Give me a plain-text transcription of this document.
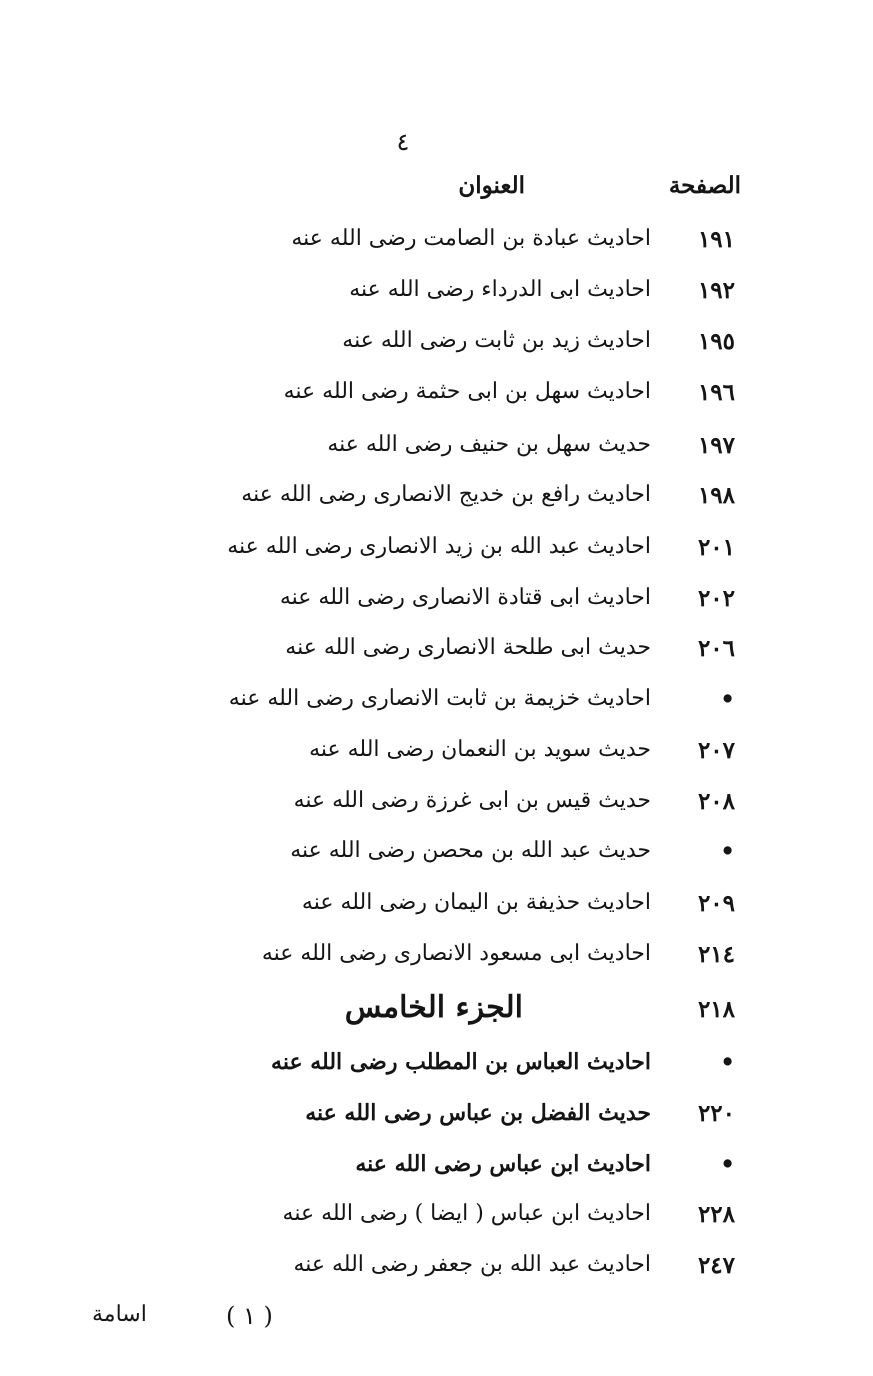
٤
الصفحة
العنوان
١٩١
احاديث عبادة بن الصامت رضى الله عنه
١٩٢
احاديث ابى الدرداء رضى الله عنه
١٩٥
احاديث زيد بن ثابت رضى الله عنه
١٩٦
احاديث سهل بن ابى حثمة رضى الله عنه
١٩٧
حديث سهل بن حنيف رضى الله عنه
١٩٨
احاديث رافع بن خديج الانصارى رضى الله عنه
٢٠١
احاديث عبد الله بن زيد الانصارى رضى الله عنه
٢٠٢
احاديث ابى قتادة الانصارى رضى الله عنه
٢٠٦
حديث ابى طلحة الانصارى رضى الله عنه
•
احاديث خزيمة بن ثابت الانصارى رضى الله عنه
٢٠٧
حديث سويد بن النعمان رضى الله عنه
٢٠٨
حديث قيس بن ابى غرزة رضى الله عنه
•
حديث عبد الله بن محصن رضى الله عنه
٢٠٩
احاديث حذيفة بن اليمان رضى الله عنه
٢١٤
احاديث ابى مسعود الانصارى رضى الله عنه
٢١٨
الجزء الخامس
•
احاديث العباس بن المطلب رضى الله عنه
٢٢٠
حديث الفضل بن عباس رضى الله عنه
•
احاديث ابن عباس رضى الله عنه
٢٢٨
احاديث ابن عباس ( ايضا ) رضى الله عنه
٢٤٧
احاديث عبد الله بن جعفر رضى الله عنه
( ١ )
اسامة
